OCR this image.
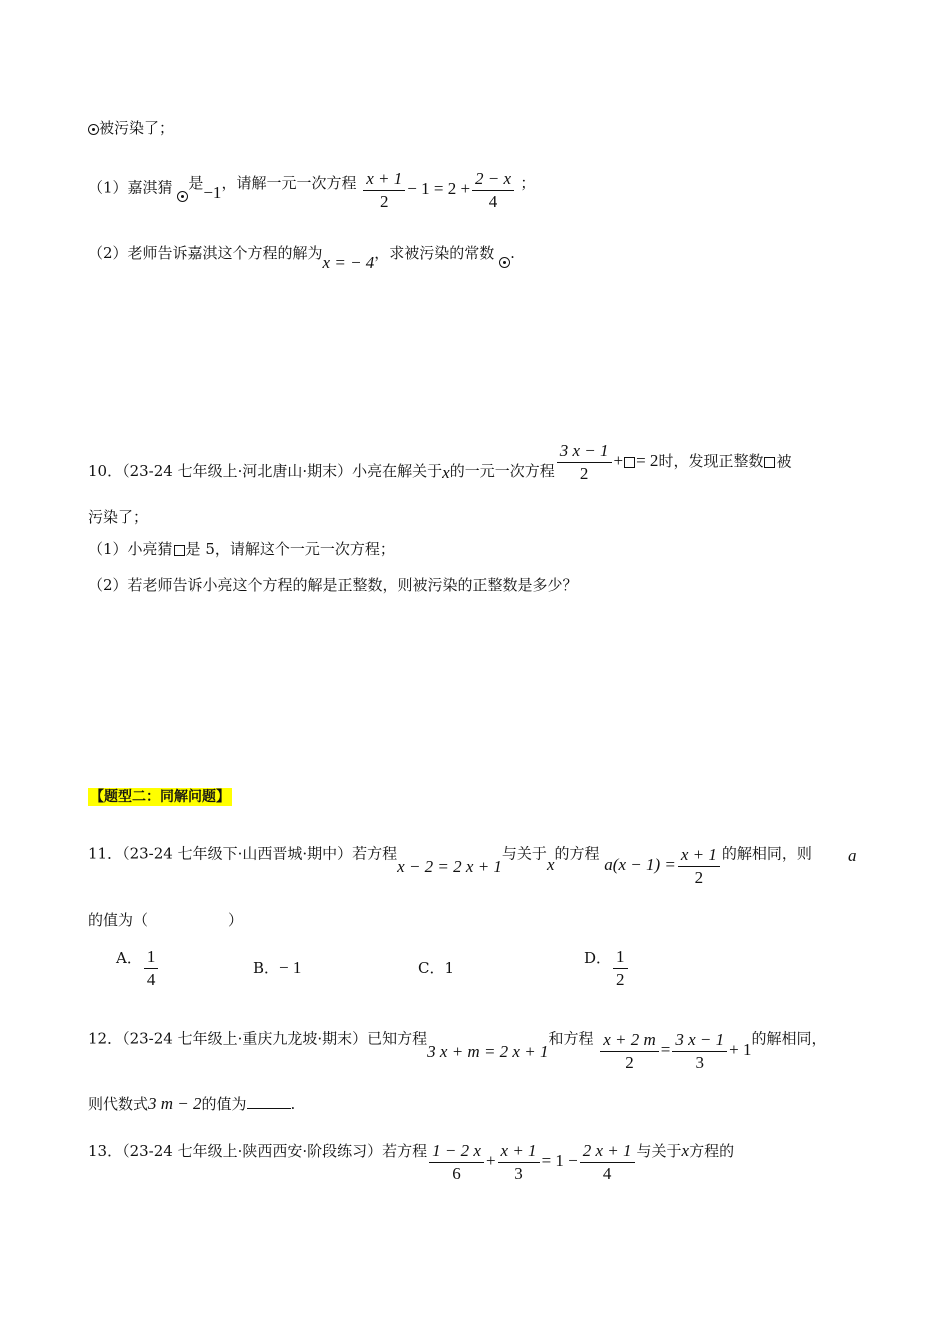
被污染了；
（1）嘉淇猜 是−1，请解一元一次方程 $\frac{x + 1}{2} - 1 = 2 + \frac{2 - x}{4}$ ；
（2）老师告诉嘉淇这个方程的解为x = − 4，求被污染的常数 .
10．（23-24 七年级上·河北唐山·期末）小亮在解关于x的一元一次方程 $\frac{3 x - 1}{2}$ + = 2时，发现正整数 被
污染了；
（1）小亮猜 是 5，请解这个一元一次方程；
（2）若老师告诉小亮这个方程的解是正整数，则被污染的正整数是多少？
【题型二：同解问题】
11．（23-24 七年级下·山西晋城·期中）若方程x − 2 = 2 x + 1与关于x的方程 $a(x - 1) = \frac{x + 1}{2}$ 的解相同，则 a
的值为（	）
A． $\frac{1}{4}$	B．− 1	C．1
D． $\frac{1}{2}$
12．（23-24 七年级上·重庆九龙坡·期末）已知方程3 x + m = 2 x + 1和方程 $\frac{x + 2 m}{2} = \frac{3 x - 1}{3} + 1$的解相同，
则代数式3 m − 2的值为	.
13．（23-24 七年级上·陕西西安·阶段练习）若方程 $\frac{1 - 2 x}{6} + \frac{x + 1}{3} = 1 - \frac{2 x + 1}{4}$ 与关于x方程的
